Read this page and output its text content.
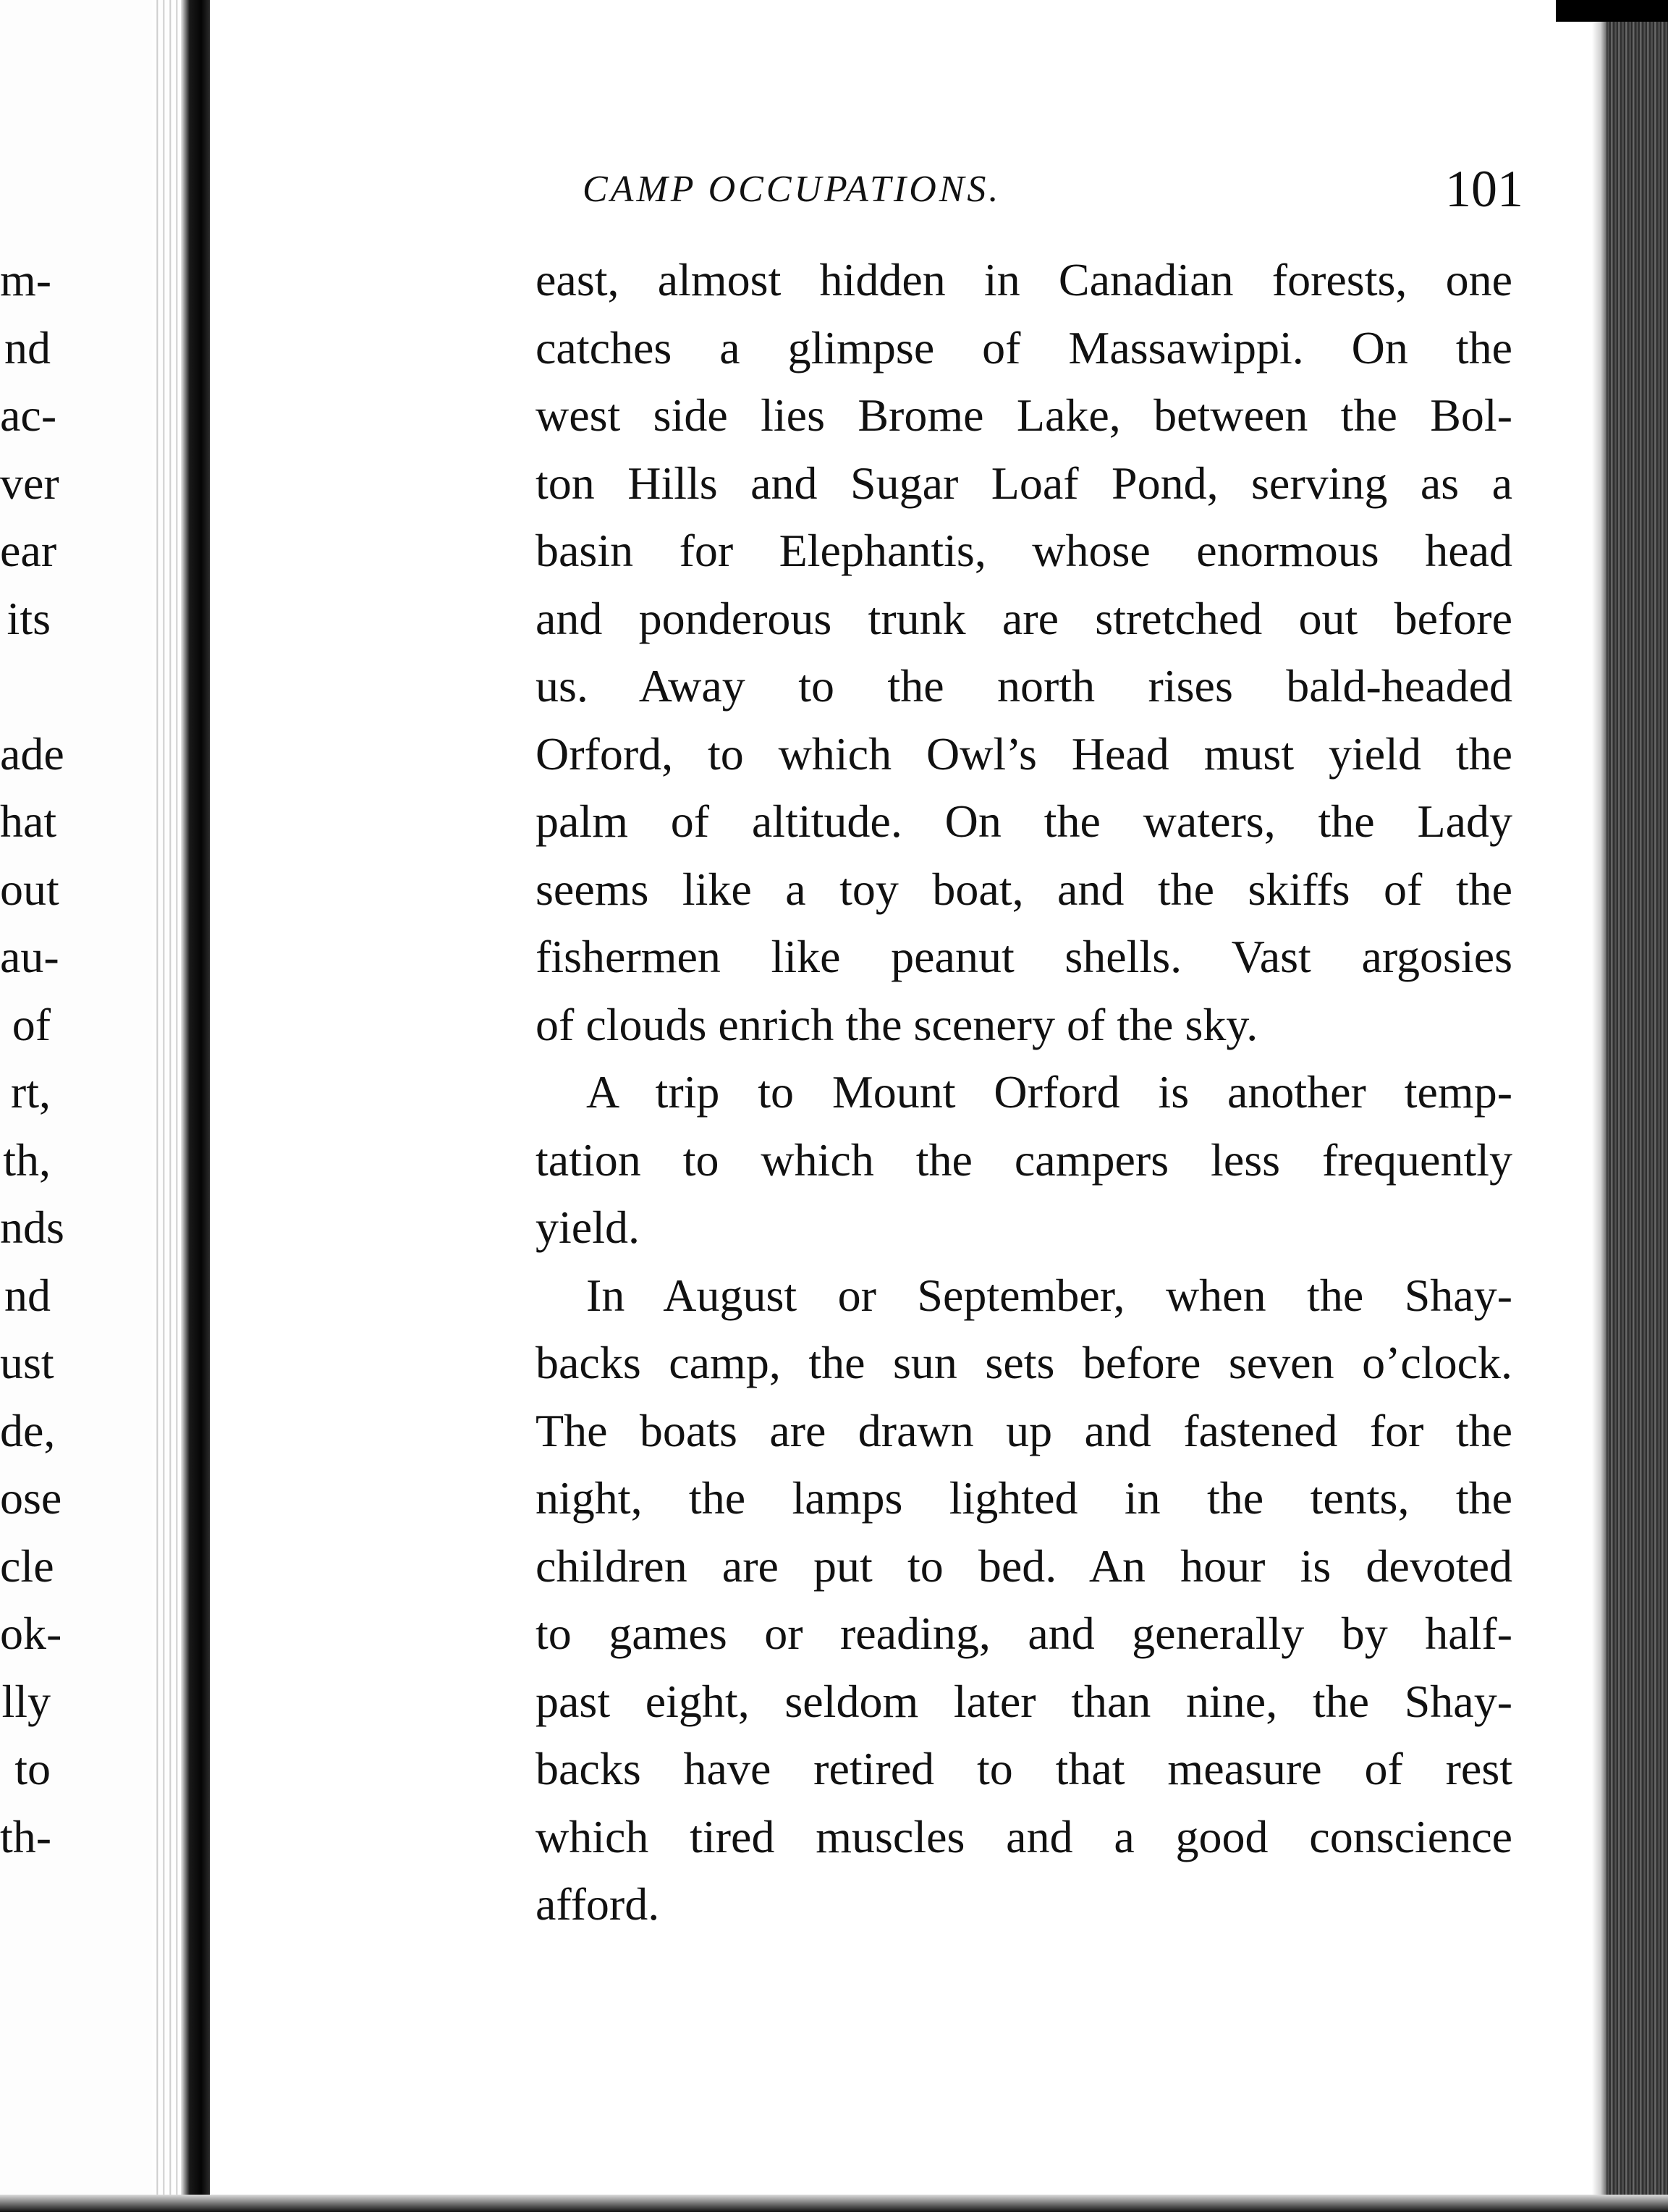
m-
nd
ac-
ver
ear
its
ade
hat
out
au-
of
rt,
th,
nds
nd
ust
de,
ose
cle
ok-
lly
to
th-
CAMP OCCUPATIONS.	101
east, almost hidden in Canadian forests, one
catches a glimpse of Massawippi. On the
west side lies Brome Lake, between the Bol-
ton Hills and Sugar Loaf Pond, serving as a
basin for Elephantis, whose enormous head
and ponderous trunk are stretched out before
us. Away to the north rises bald-headed
Orford, to which Owl’s Head must yield the
palm of altitude. On the waters, the Lady
seems like a toy boat, and the skiffs of the
fishermen like peanut shells. Vast argosies
of clouds enrich the scenery of the sky.
A trip to Mount Orford is another temp-
tation to which the campers less frequently
yield.
In August or September, when the Shay-
backs camp, the sun sets before seven o’clock.
The boats are drawn up and fastened for the
night, the lamps lighted in the tents, the
children are put to bed. An hour is devoted
to games or reading, and generally by half-
past eight, seldom later than nine, the Shay-
backs have retired to that measure of rest
which tired muscles and a good conscience
afford.
